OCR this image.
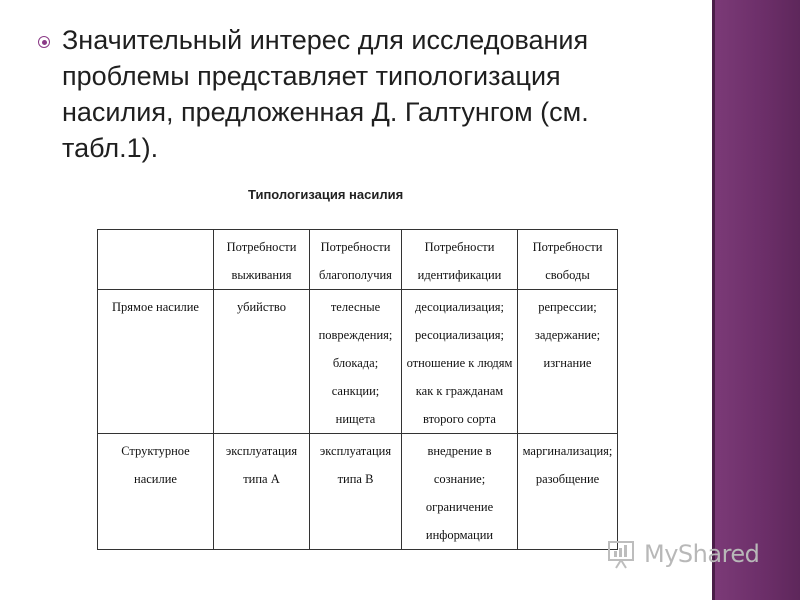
Значительный интерес для исследования проблемы представляет типологизация насилия, предложенная Д. Галтунгом (см. табл.1).
Типологизация насилия
	Потребности выживания	Потребности благополучия	Потребности идентификации	Потребности свободы
Прямое насилие	убийство	телесные повреждения; блокада; санкции; нищета	десоциализация; ресоциализация; отношение к людям как к гражданам второго сорта	репрессии; задержание; изгнание
Структурное насилие	эксплуатация типа А	эксплуатация типа В	внедрение в сознание; ограничение информации	маргинализация; разобщение
MyShared
